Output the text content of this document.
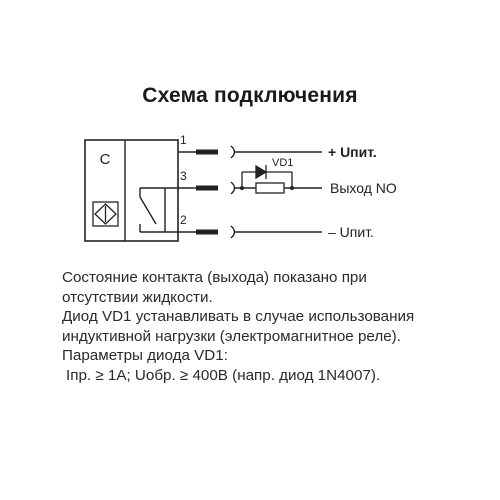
Схема подключения
C
1
3
2
VD1
+ Uпит.
Выход NO
– Uпит.
Состояние контакта (выхода) показано при
отсутствии жидкости.
Диод VD1 устанавливать в случае использования
индуктивной нагрузки (электромагнитное реле).
Параметры диода VD1:
Iпр. ≥ 1А; Uобр. ≥ 400В (напр. диод 1N4007).
